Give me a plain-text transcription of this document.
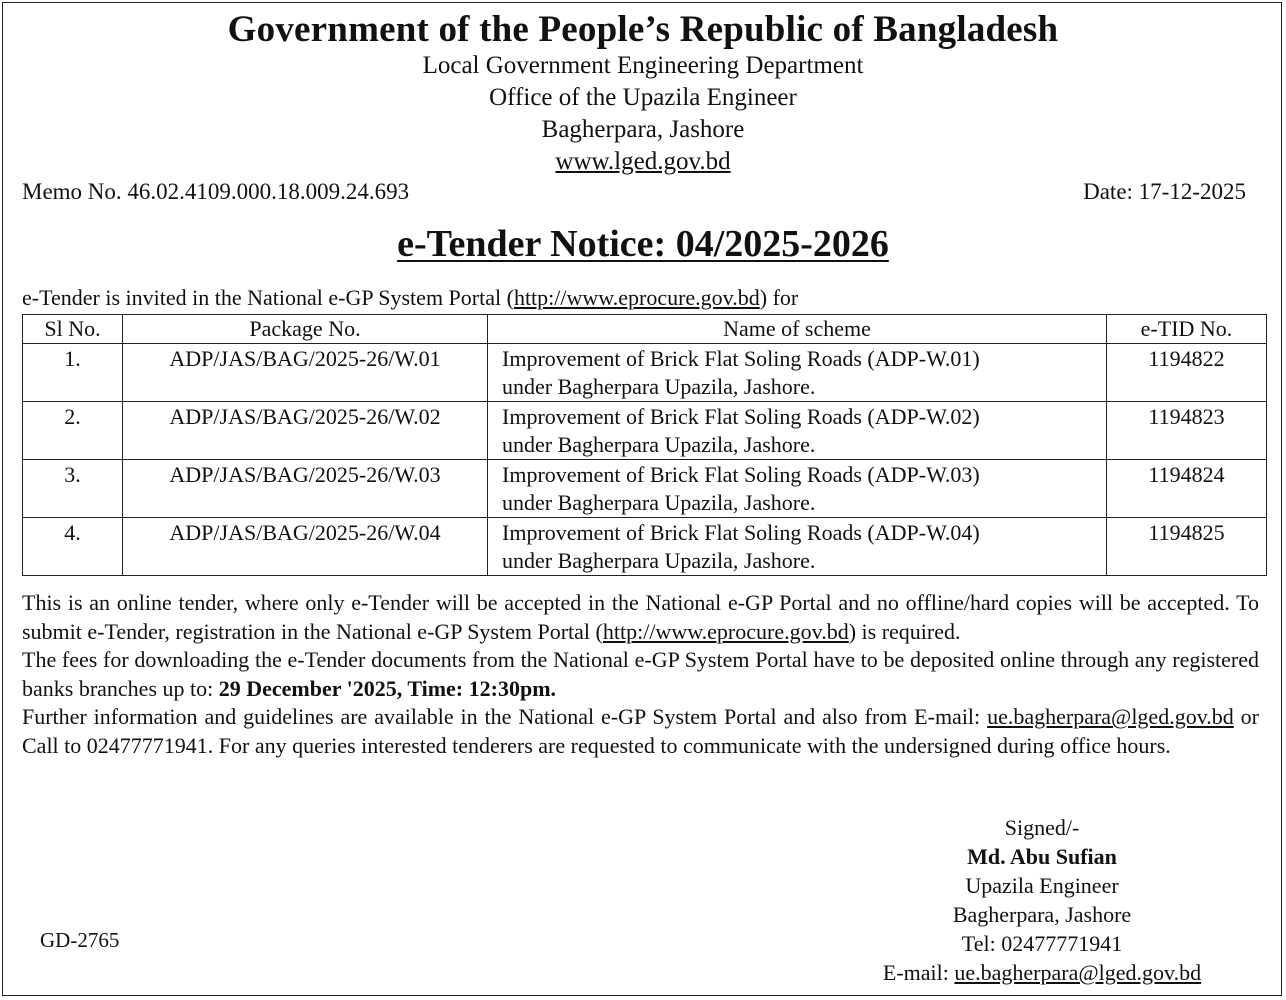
Government of the People’s Republic of Bangladesh
Local Government Engineering Department
Office of the Upazila Engineer
Bagherpara, Jashore
www.lged.gov.bd
Memo No. 46.02.4109.000.18.009.24.693	Date: 17-12-2025
e-Tender Notice: 04/2025-2026
e-Tender is invited in the National e-GP System Portal (http://www.eprocure.gov.bd) for
Sl No.	Package No.	Name of scheme	e-TID No.
1.	ADP/JAS/BAG/2025-26/W.01	Improvement of Brick Flat Soling Roads (ADP-W.01)
under Bagherpara Upazila, Jashore.	1194822
2.	ADP/JAS/BAG/2025-26/W.02	Improvement of Brick Flat Soling Roads (ADP-W.02)
under Bagherpara Upazila, Jashore.	1194823
3.	ADP/JAS/BAG/2025-26/W.03	Improvement of Brick Flat Soling Roads (ADP-W.03)
under Bagherpara Upazila, Jashore.	1194824
4.	ADP/JAS/BAG/2025-26/W.04	Improvement of Brick Flat Soling Roads (ADP-W.04)
under Bagherpara Upazila, Jashore.	1194825

This is an online tender, where only e-Tender will be accepted in the National e-GP Portal and no offline/hard copies will be accepted. To submit e-Tender, registration in the National e-GP System Portal (http://www.eprocure.gov.bd) is required.

The fees for downloading the e-Tender documents from the National e-GP System Portal have to be deposited online through any registered banks branches up to: 29 December '2025, Time: 12:30pm.

Further information and guidelines are available in the National e-GP System Portal and also from E-mail: ue.bagherpara@lged.gov.bd or Call to 02477771941. For any queries interested tenderers are requested to communicate with the undersigned during office hours.

Signed/-
Md. Abu Sufian
Upazila Engineer
Bagherpara, Jashore
Tel: 02477771941
E-mail: ue.bagherpara@lged.gov.bd
GD-2765
